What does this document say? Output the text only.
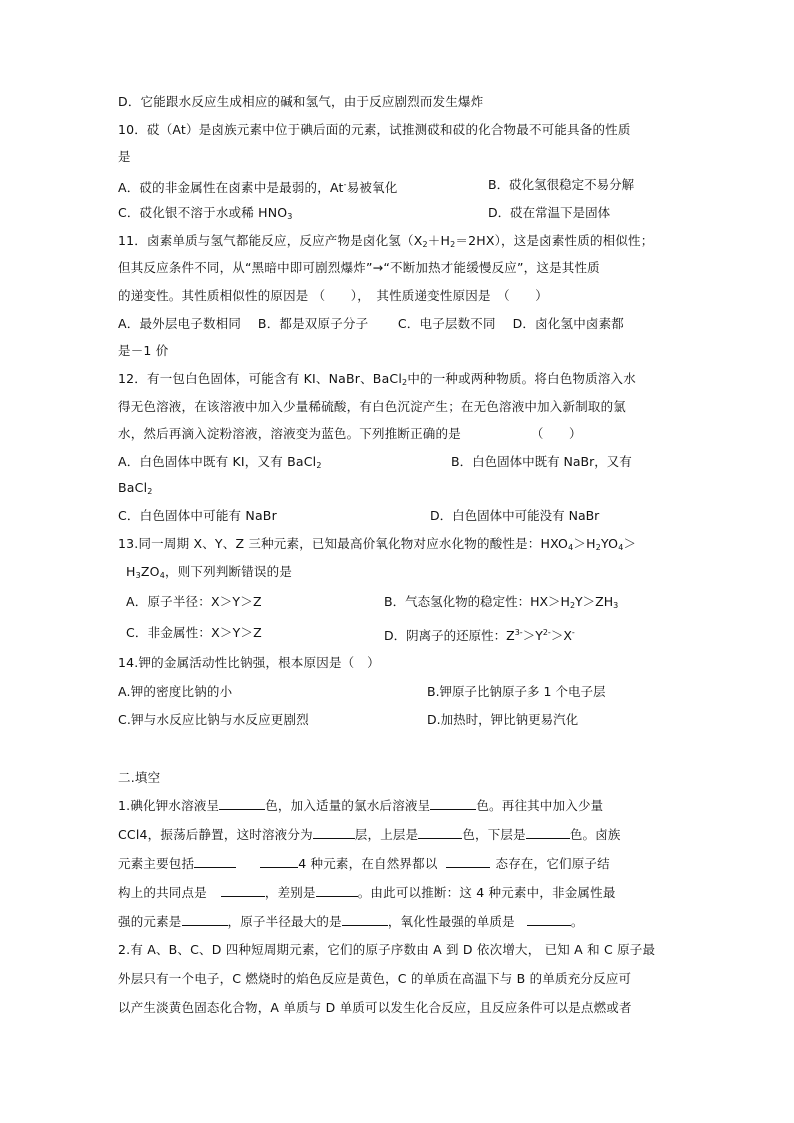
D．它能跟水反应生成相应的碱和氢气，由于反应剧烈而发生爆炸
10．砹（At）是卤族元素中位于碘后面的元素，试推测砹和砹的化合物最不可能具备的性质
是
A．砹的非金属性在卤素中是最弱的，At-易被氧化	B．砹化氢很稳定不易分解
C．砹化银不溶于水或稀 $HNO_3$	D．砹在常温下是固体
11．卤素单质与氢气都能反应，反应产物是卤化氢$(X_2+H_2=2HX)$，这是卤素性质的相似性；
但其反应条件不同，从“黑暗中即可剧烈爆炸”→“不断加热才能缓慢反应”，这是其性质
的递变性。其性质相似性的原因是 （　　），　其性质递变性原因是　（　　）
A．最外层电子数相同　 B．都是双原子分子　　 C．电子层数不同　 D．卤化氢中卤素都
是－1 价
12．有一包白色固体，可能含有 KI、NaBr、BaCl$_2$中的一种或两种物质。将白色物质溶入水
得无色溶液，在该溶液中加入少量稀硫酸，有白色沉淀产生；在无色溶液中加入新制取的氯
水，然后再滴入淀粉溶液，溶液变为蓝色。下列推断正确的是　　　　　　（　　）
A．白色固体中既有 KI，又有 BaCl$_2$	B．白色固体中既有 NaBr，又有
BaCl$_2$
C．白色固体中可能有 NaBr	D．白色固体中可能没有 NaBr
13.同一周期 X、Y、Z 三种元素，已知最高价氧化物对应水化物的酸性是：$HXO_4>H_2YO_4>$
$H_3ZO_4$，则下列判断错误的是
A．原子半径：X＞Y＞Z	B．气态氢化物的稳定性：$HX>H_2Y>ZH_3$
C．非金属性：X＞Y＞Z	D．阴离子的还原性：$Z^{3-}>Y^{2-}>X^-$
14.钾的金属活动性比钠强，根本原因是（　）
A.钾的密度比钠的小	B.钾原子比钠原子多 1 个电子层
C.钾与水反应比钠与水反应更剧烈	D.加热时，钾比钠更易汽化
二.填空
1.碘化钾水溶液呈	色，加入适量的氯水后溶液呈	色。再往其中加入少量
CCl4，振荡后静置，这时溶液分为	层，上层是	色，下层是	色。卤族
元素主要包括	4 种元素，在自然界都以	态存在，它们原子结
构上的共同点是	，差别是	。由此可以推断：这 4 种元素中，非金属性最
强的元素是	，原子半径最大的是	，氧化性最强的单质是	。
2.有 A、B、C、D 四种短周期元素，它们的原子序数由 A 到 D 依次增大， 已知 A 和 C 原子最
外层只有一个电子，C 燃烧时的焰色反应是黄色，C 的单质在高温下与 B 的单质充分反应可
以产生淡黄色固态化合物，A 单质与 D 单质可以发生化合反应，且反应条件可以是点燃或者
